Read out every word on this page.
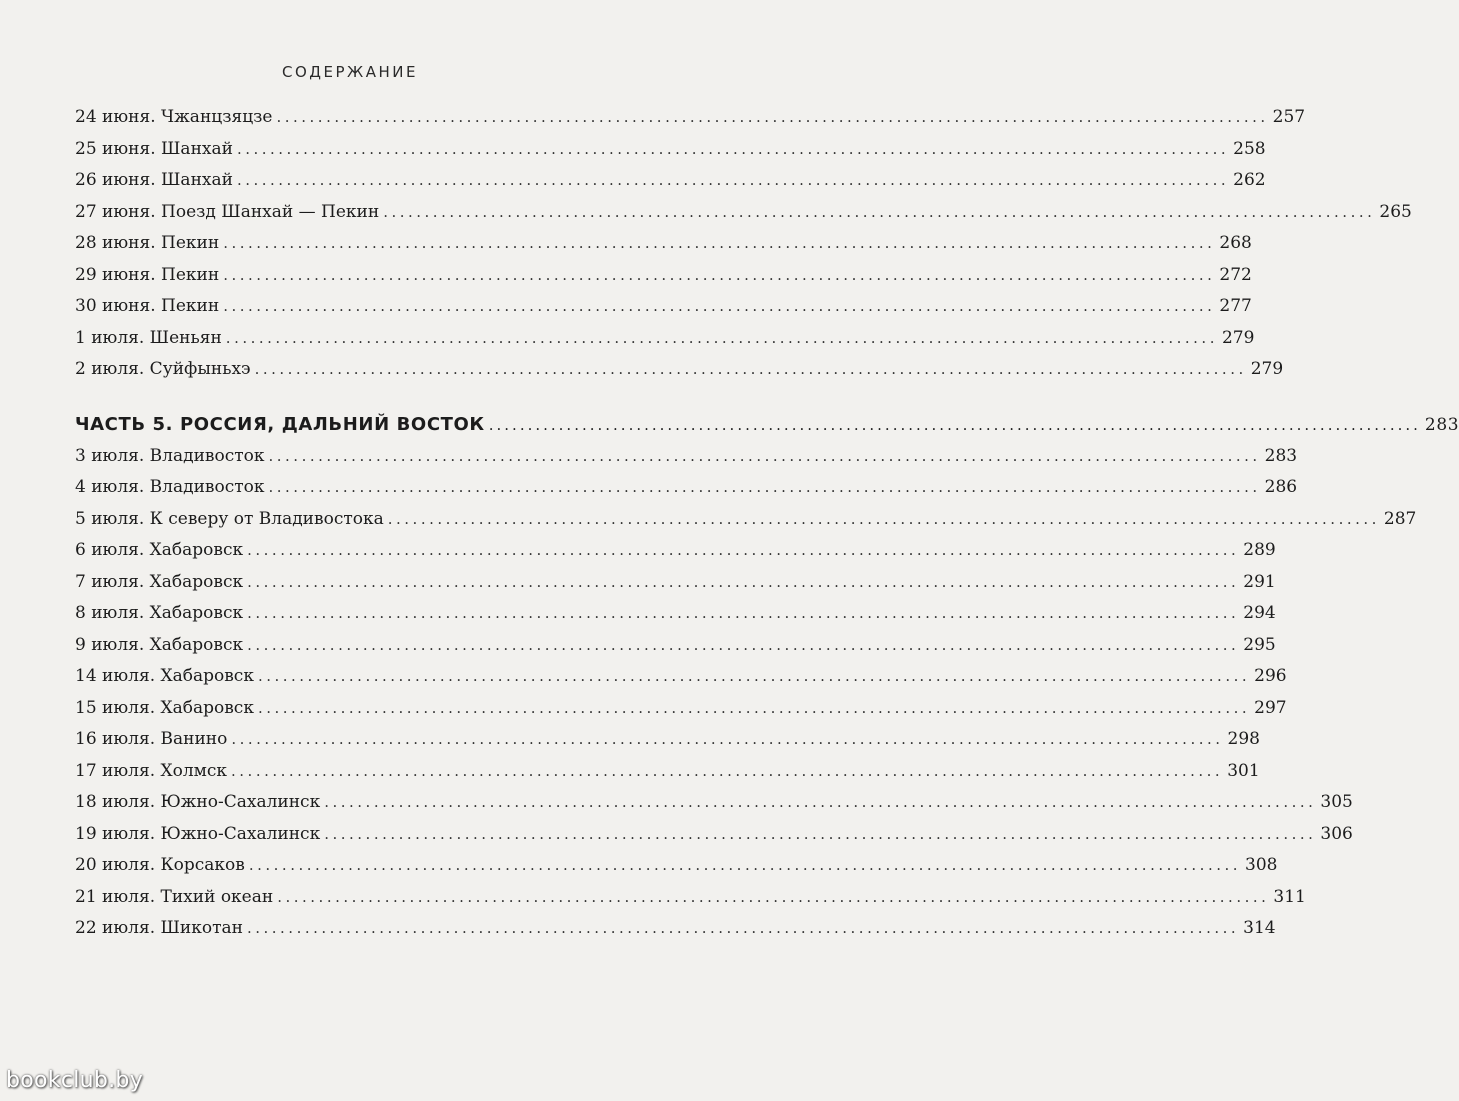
СОДЕРЖАНИЕ
24 июня. Чжанцзяцзе ........................................................................................................................ 257
25 июня. Шанхай ........................................................................................................................ 258
26 июня. Шанхай ........................................................................................................................ 262
27 июня. Поезд Шанхай — Пекин ........................................................................................................................ 265
28 июня. Пекин ........................................................................................................................ 268
29 июня. Пекин ........................................................................................................................ 272
30 июня. Пекин ........................................................................................................................ 277
1 июля. Шеньян ........................................................................................................................ 279
2 июля. Суйфыньхэ ........................................................................................................................ 279
ЧАСТЬ 5. РОССИЯ, ДАЛЬНИЙ ВОСТОК ........................................................................................................................ 283
3 июля. Владивосток ........................................................................................................................ 283
4 июля. Владивосток ........................................................................................................................ 286
5 июля. К северу от Владивостока ........................................................................................................................ 287
6 июля. Хабаровск ........................................................................................................................ 289
7 июля. Хабаровск ........................................................................................................................ 291
8 июля. Хабаровск ........................................................................................................................ 294
9 июля. Хабаровск ........................................................................................................................ 295
14 июля. Хабаровск ........................................................................................................................ 296
15 июля. Хабаровск ........................................................................................................................ 297
16 июля. Ванино ........................................................................................................................ 298
17 июля. Холмск ........................................................................................................................ 301
18 июля. Южно-Сахалинск ........................................................................................................................ 305
19 июля. Южно-Сахалинск ........................................................................................................................ 306
20 июля. Корсаков ........................................................................................................................ 308
21 июля. Тихий океан ........................................................................................................................ 311
22 июля. Шикотан ........................................................................................................................ 314
bookclub.by
